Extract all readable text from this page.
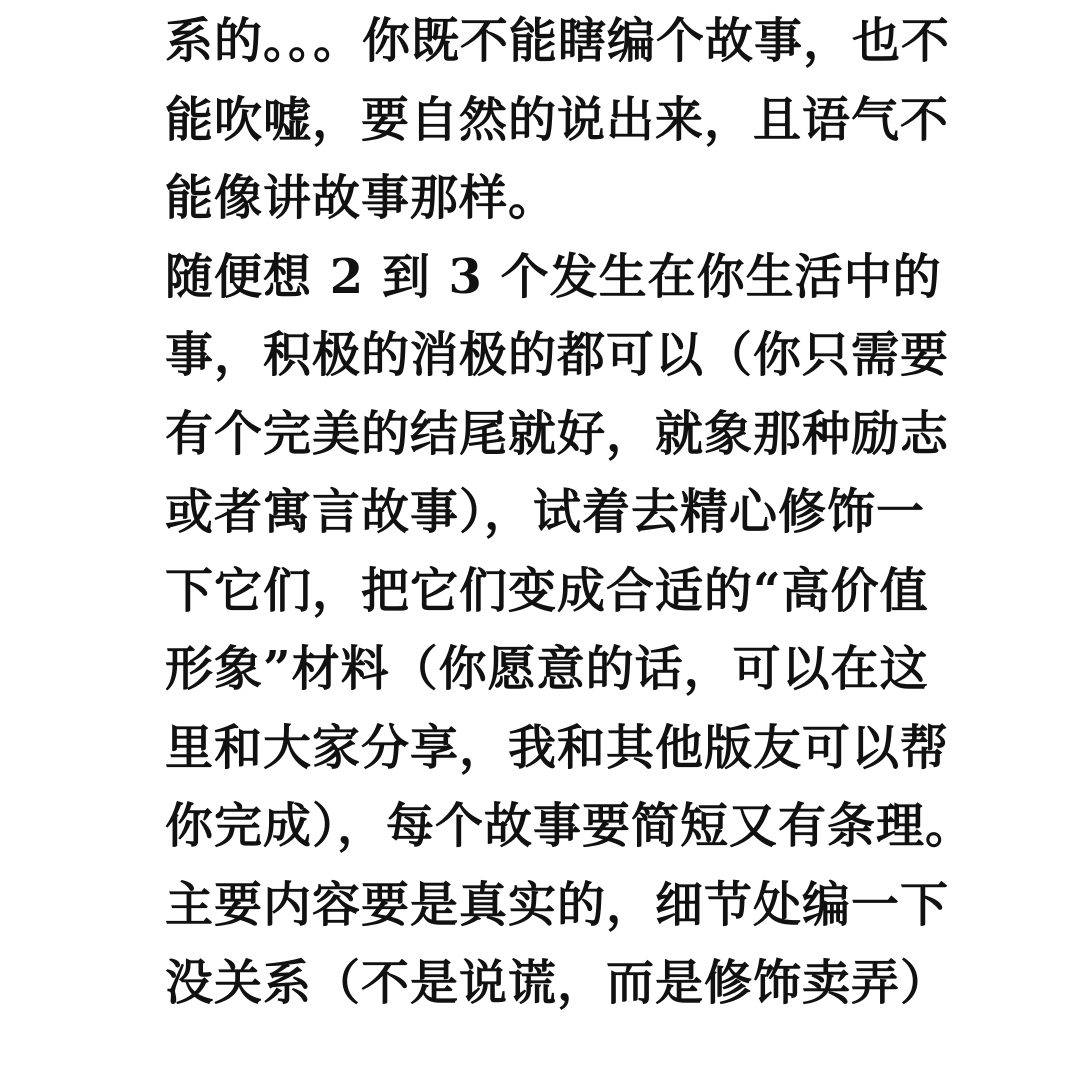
系的。。。你既不能瞎编个故事，也不
能吹嘘，要自然的说出来，且语气不
能像讲故事那样。
随便想 2 到 3 个发生在你生活中的
事，积极的消极的都可以（你只需要
有个完美的结尾就好，就象那种励志
或者寓言故事），试着去精心修饰一
下它们，把它们变成合适的“高价值
形象”材料（你愿意的话，可以在这
里和大家分享，我和其他版友可以帮
你完成），每个故事要简短又有条理。
主要内容要是真实的，细节处编一下
没关系（不是说谎，而是修饰卖弄）
